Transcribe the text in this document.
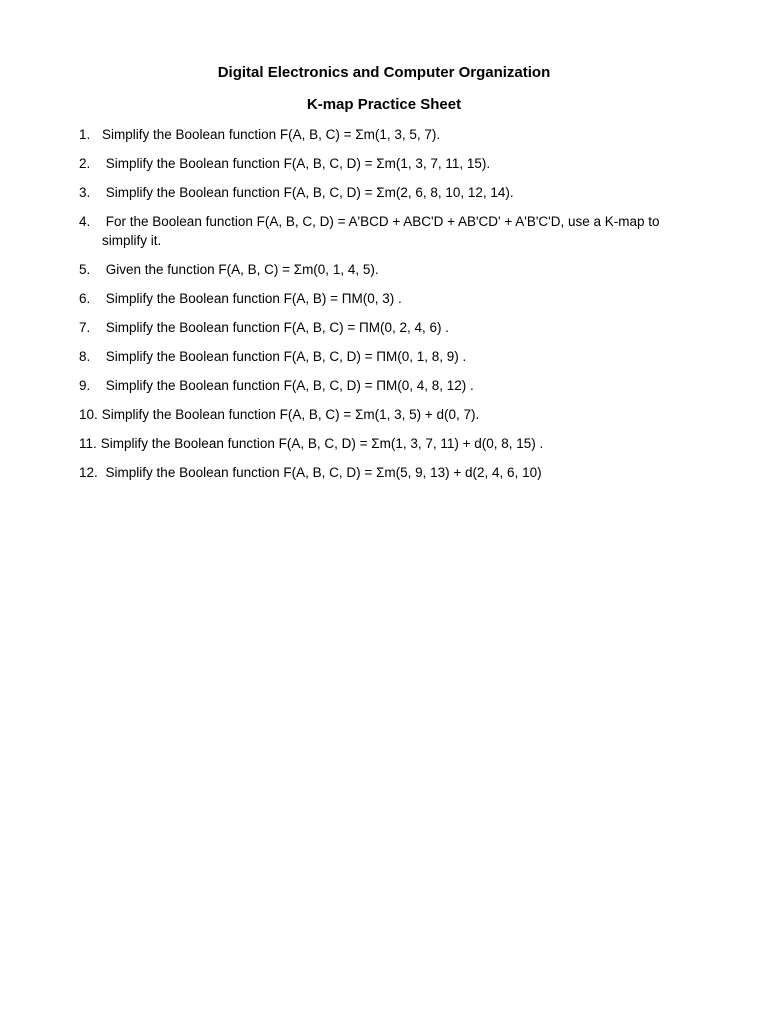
Digital Electronics and Computer Organization
K-map Practice Sheet
1. Simplify the Boolean function F(A, B, C) = Σm(1, 3, 5, 7).
2. Simplify the Boolean function F(A, B, C, D) = Σm(1, 3, 7, 11, 15).
3. Simplify the Boolean function F(A, B, C, D) = Σm(2, 6, 8, 10, 12, 14).
4. For the Boolean function F(A, B, C, D) = A'BCD + ABC'D + AB'CD' + A'B'C'D, use a K-map to simplify it.
5. Given the function F(A, B, C) = Σm(0, 1, 4, 5).
6. Simplify the Boolean function F(A, B) = ΠM(0, 3) .
7. Simplify the Boolean function F(A, B, C) = ΠM(0, 2, 4, 6) .
8. Simplify the Boolean function F(A, B, C, D) = ΠM(0, 1, 8, 9) .
9. Simplify the Boolean function F(A, B, C, D) = ΠM(0, 4, 8, 12) .
10. Simplify the Boolean function F(A, B, C) = Σm(1, 3, 5) + d(0, 7).
11. Simplify the Boolean function F(A, B, C, D) = Σm(1, 3, 7, 11) + d(0, 8, 15) .
12. Simplify the Boolean function F(A, B, C, D) = Σm(5, 9, 13) + d(2, 4, 6, 10)
